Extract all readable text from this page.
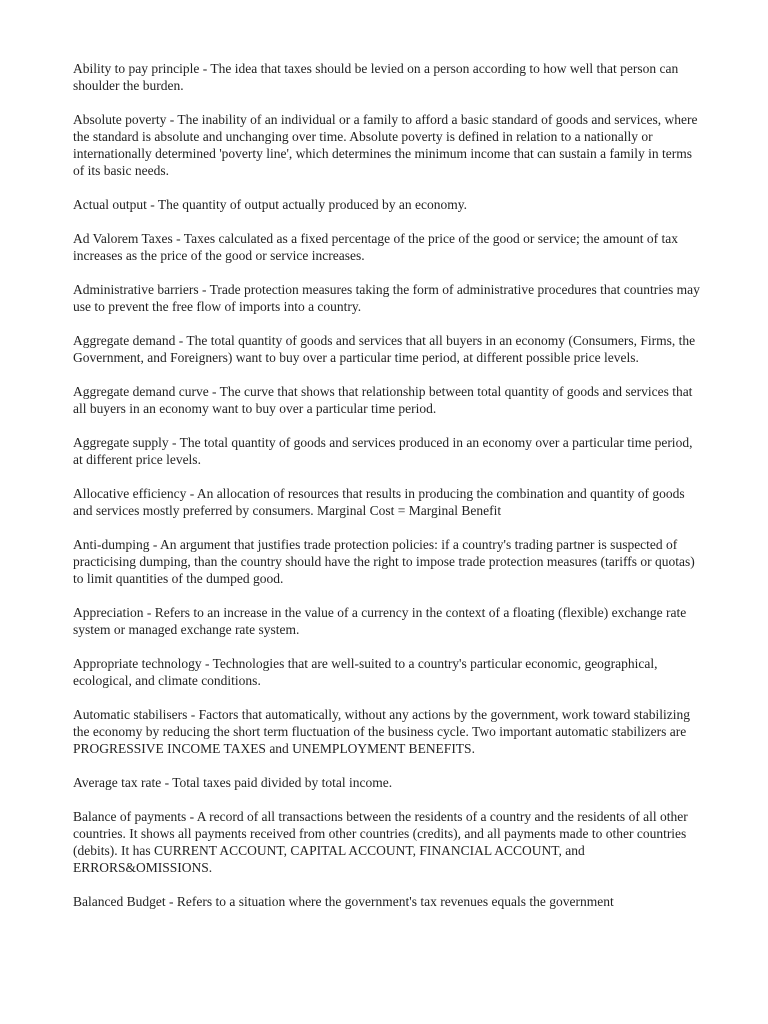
Ability to pay principle - The idea that taxes should be levied on a person according to how well that person can shoulder the burden.

Absolute poverty - The inability of an individual or a family to afford a basic standard of goods and services, where the standard is absolute and unchanging over time. Absolute poverty is defined in relation to a nationally or internationally determined 'poverty line', which determines the minimum income that can sustain a family in terms of its basic needs.

Actual output - The quantity of output actually produced by an economy.

Ad Valorem Taxes - Taxes calculated as a fixed percentage of the price of the good or service; the amount of tax increases as the price of the good or service increases.

Administrative barriers - Trade protection measures taking the form of administrative procedures that countries may use to prevent the free flow of imports into a country.

Aggregate demand - The total quantity of goods and services that all buyers in an economy (Consumers, Firms, the Government, and Foreigners) want to buy over a particular time period, at different possible price levels.

Aggregate demand curve - The curve that shows that relationship between total quantity of goods and services that all buyers in an economy want to buy over a particular time period.

Aggregate supply - The total quantity of goods and services produced in an economy over a particular time period, at different price levels.

Allocative efficiency - An allocation of resources that results in producing the combination and quantity of goods and services mostly preferred by consumers. Marginal Cost = Marginal Benefit

Anti-dumping - An argument that justifies trade protection policies: if a country's trading partner is suspected of practicising dumping, than the country should have the right to impose trade protection measures (tariffs or quotas) to limit quantities of the dumped good.

Appreciation - Refers to an increase in the value of a currency in the context of a floating (flexible) exchange rate system or managed exchange rate system.

Appropriate technology - Technologies that are well-suited to a country's particular economic, geographical, ecological, and climate conditions.

Automatic stabilisers - Factors that automatically, without any actions by the government, work toward stabilizing the economy by reducing the short term fluctuation of the business cycle. Two important automatic stabilizers are PROGRESSIVE INCOME TAXES and UNEMPLOYMENT BENEFITS.

Average tax rate - Total taxes paid divided by total income.

Balance of payments - A record of all transactions between the residents of a country and the residents of all other countries. It shows all payments received from other countries (credits), and all payments made to other countries (debits). It has CURRENT ACCOUNT, CAPITAL ACCOUNT, FINANCIAL ACCOUNT, and ERRORS&OMISSIONS.

Balanced Budget - Refers to a situation where the government's tax revenues equals the government
